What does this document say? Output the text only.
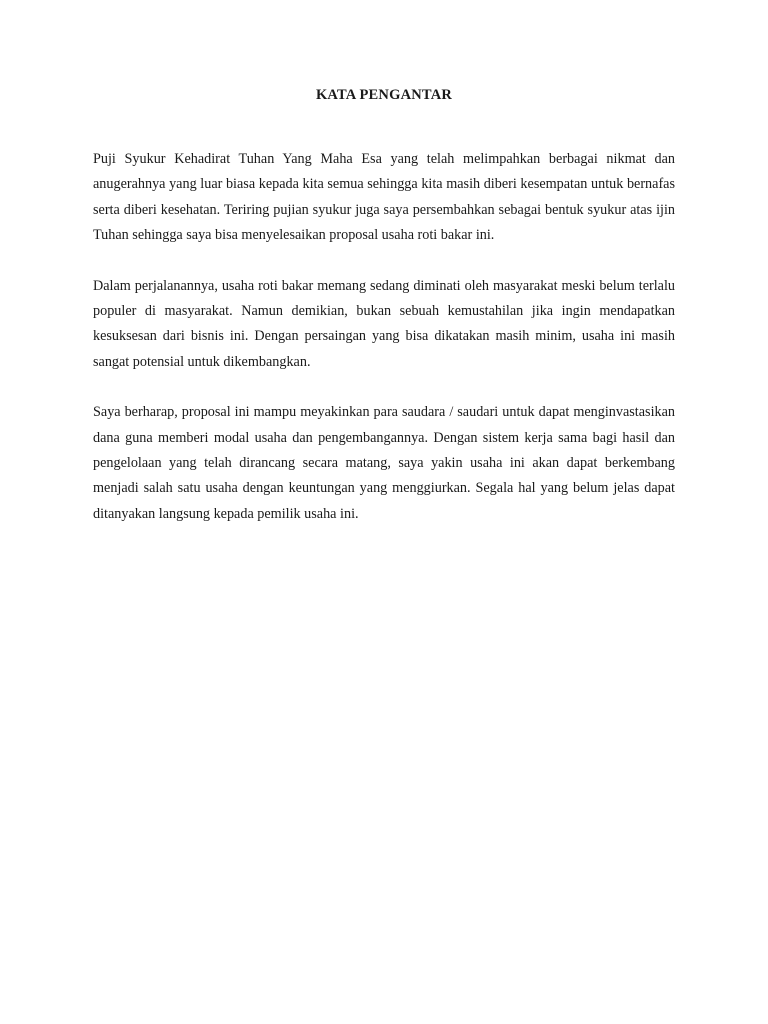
KATA PENGANTAR

Puji Syukur Kehadirat Tuhan Yang Maha Esa yang telah melimpahkan berbagai nikmat dan anugerahnya yang luar biasa kepada kita semua sehingga kita masih diberi kesempatan untuk bernafas serta diberi kesehatan. Teriring pujian syukur juga saya persembahkan sebagai bentuk syukur atas ijin Tuhan sehingga saya bisa menyelesaikan proposal usaha roti bakar ini.

Dalam perjalanannya, usaha roti bakar memang sedang diminati oleh masyarakat meski belum terlalu populer di masyarakat. Namun demikian, bukan sebuah kemustahilan jika ingin mendapatkan kesuksesan dari bisnis ini. Dengan persaingan yang bisa dikatakan masih minim, usaha ini masih sangat potensial untuk dikembangkan.

Saya berharap, proposal ini mampu meyakinkan para saudara / saudari untuk dapat menginvastasikan dana guna memberi modal usaha dan pengembangannya. Dengan sistem kerja sama bagi hasil dan pengelolaan yang telah dirancang secara matang, saya yakin usaha ini akan dapat berkembang menjadi salah satu usaha dengan keuntungan yang menggiurkan. Segala hal yang belum jelas dapat ditanyakan langsung kepada pemilik usaha ini.
